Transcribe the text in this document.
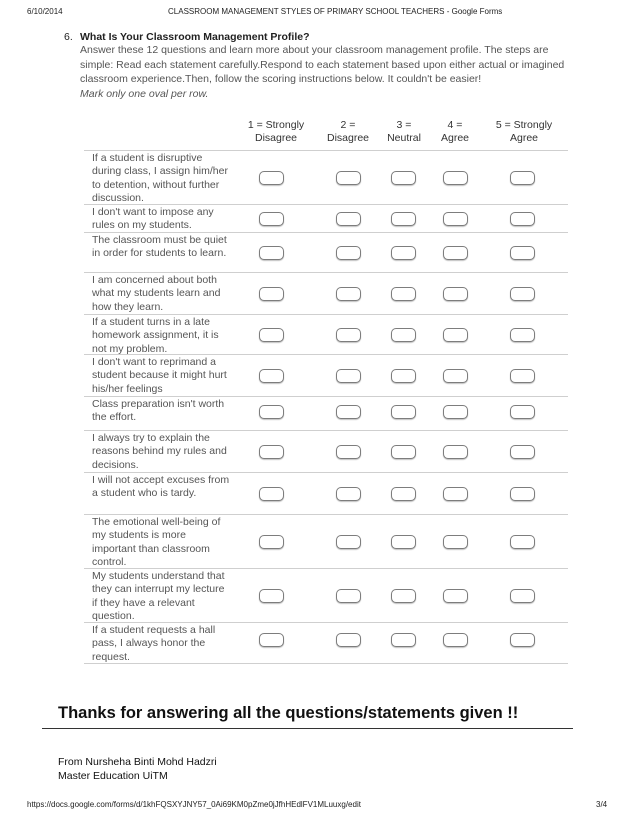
6/10/2014	CLASSROOM MANAGEMENT STYLES OF PRIMARY SCHOOL TEACHERS - Google Forms
6. What Is Your Classroom Management Profile?
Answer these 12 questions and learn more about your classroom management profile. The steps are simple: Read each statement carefully.Respond to each statement based upon either actual or imagined classroom experience.Then, follow the scoring instructions below. It couldn't be easier!
Mark only one oval per row.
1 = Strongly Disagree
2 = Disagree
3 = Neutral
4 = Agree
5 = Strongly Agree
If a student is disruptive during class, I assign him/her to detention, without further discussion.
I don't want to impose any rules on my students.
The classroom must be quiet in order for students to learn.
I am concerned about both what my students learn and how they learn.
If a student turns in a late homework assignment, it is not my problem.
I don't want to reprimand a student because it might hurt his/her feelings
Class preparation isn't worth the effort.
I always try to explain the reasons behind my rules and decisions.
I will not accept excuses from a student who is tardy.
The emotional well-being of my students is more important than classroom control.
My students understand that they can interrupt my lecture if they have a relevant question.
If a student requests a hall pass, I always honor the request.
Thanks for answering all the questions/statements given !!
From Nursheha Binti Mohd Hadzri
Master Education UiTM
https://docs.google.com/forms/d/1khFQSXYJNY57_0Ai69KM0pZme0jJfhHEdlFV1MLuuxg/edit	3/4
